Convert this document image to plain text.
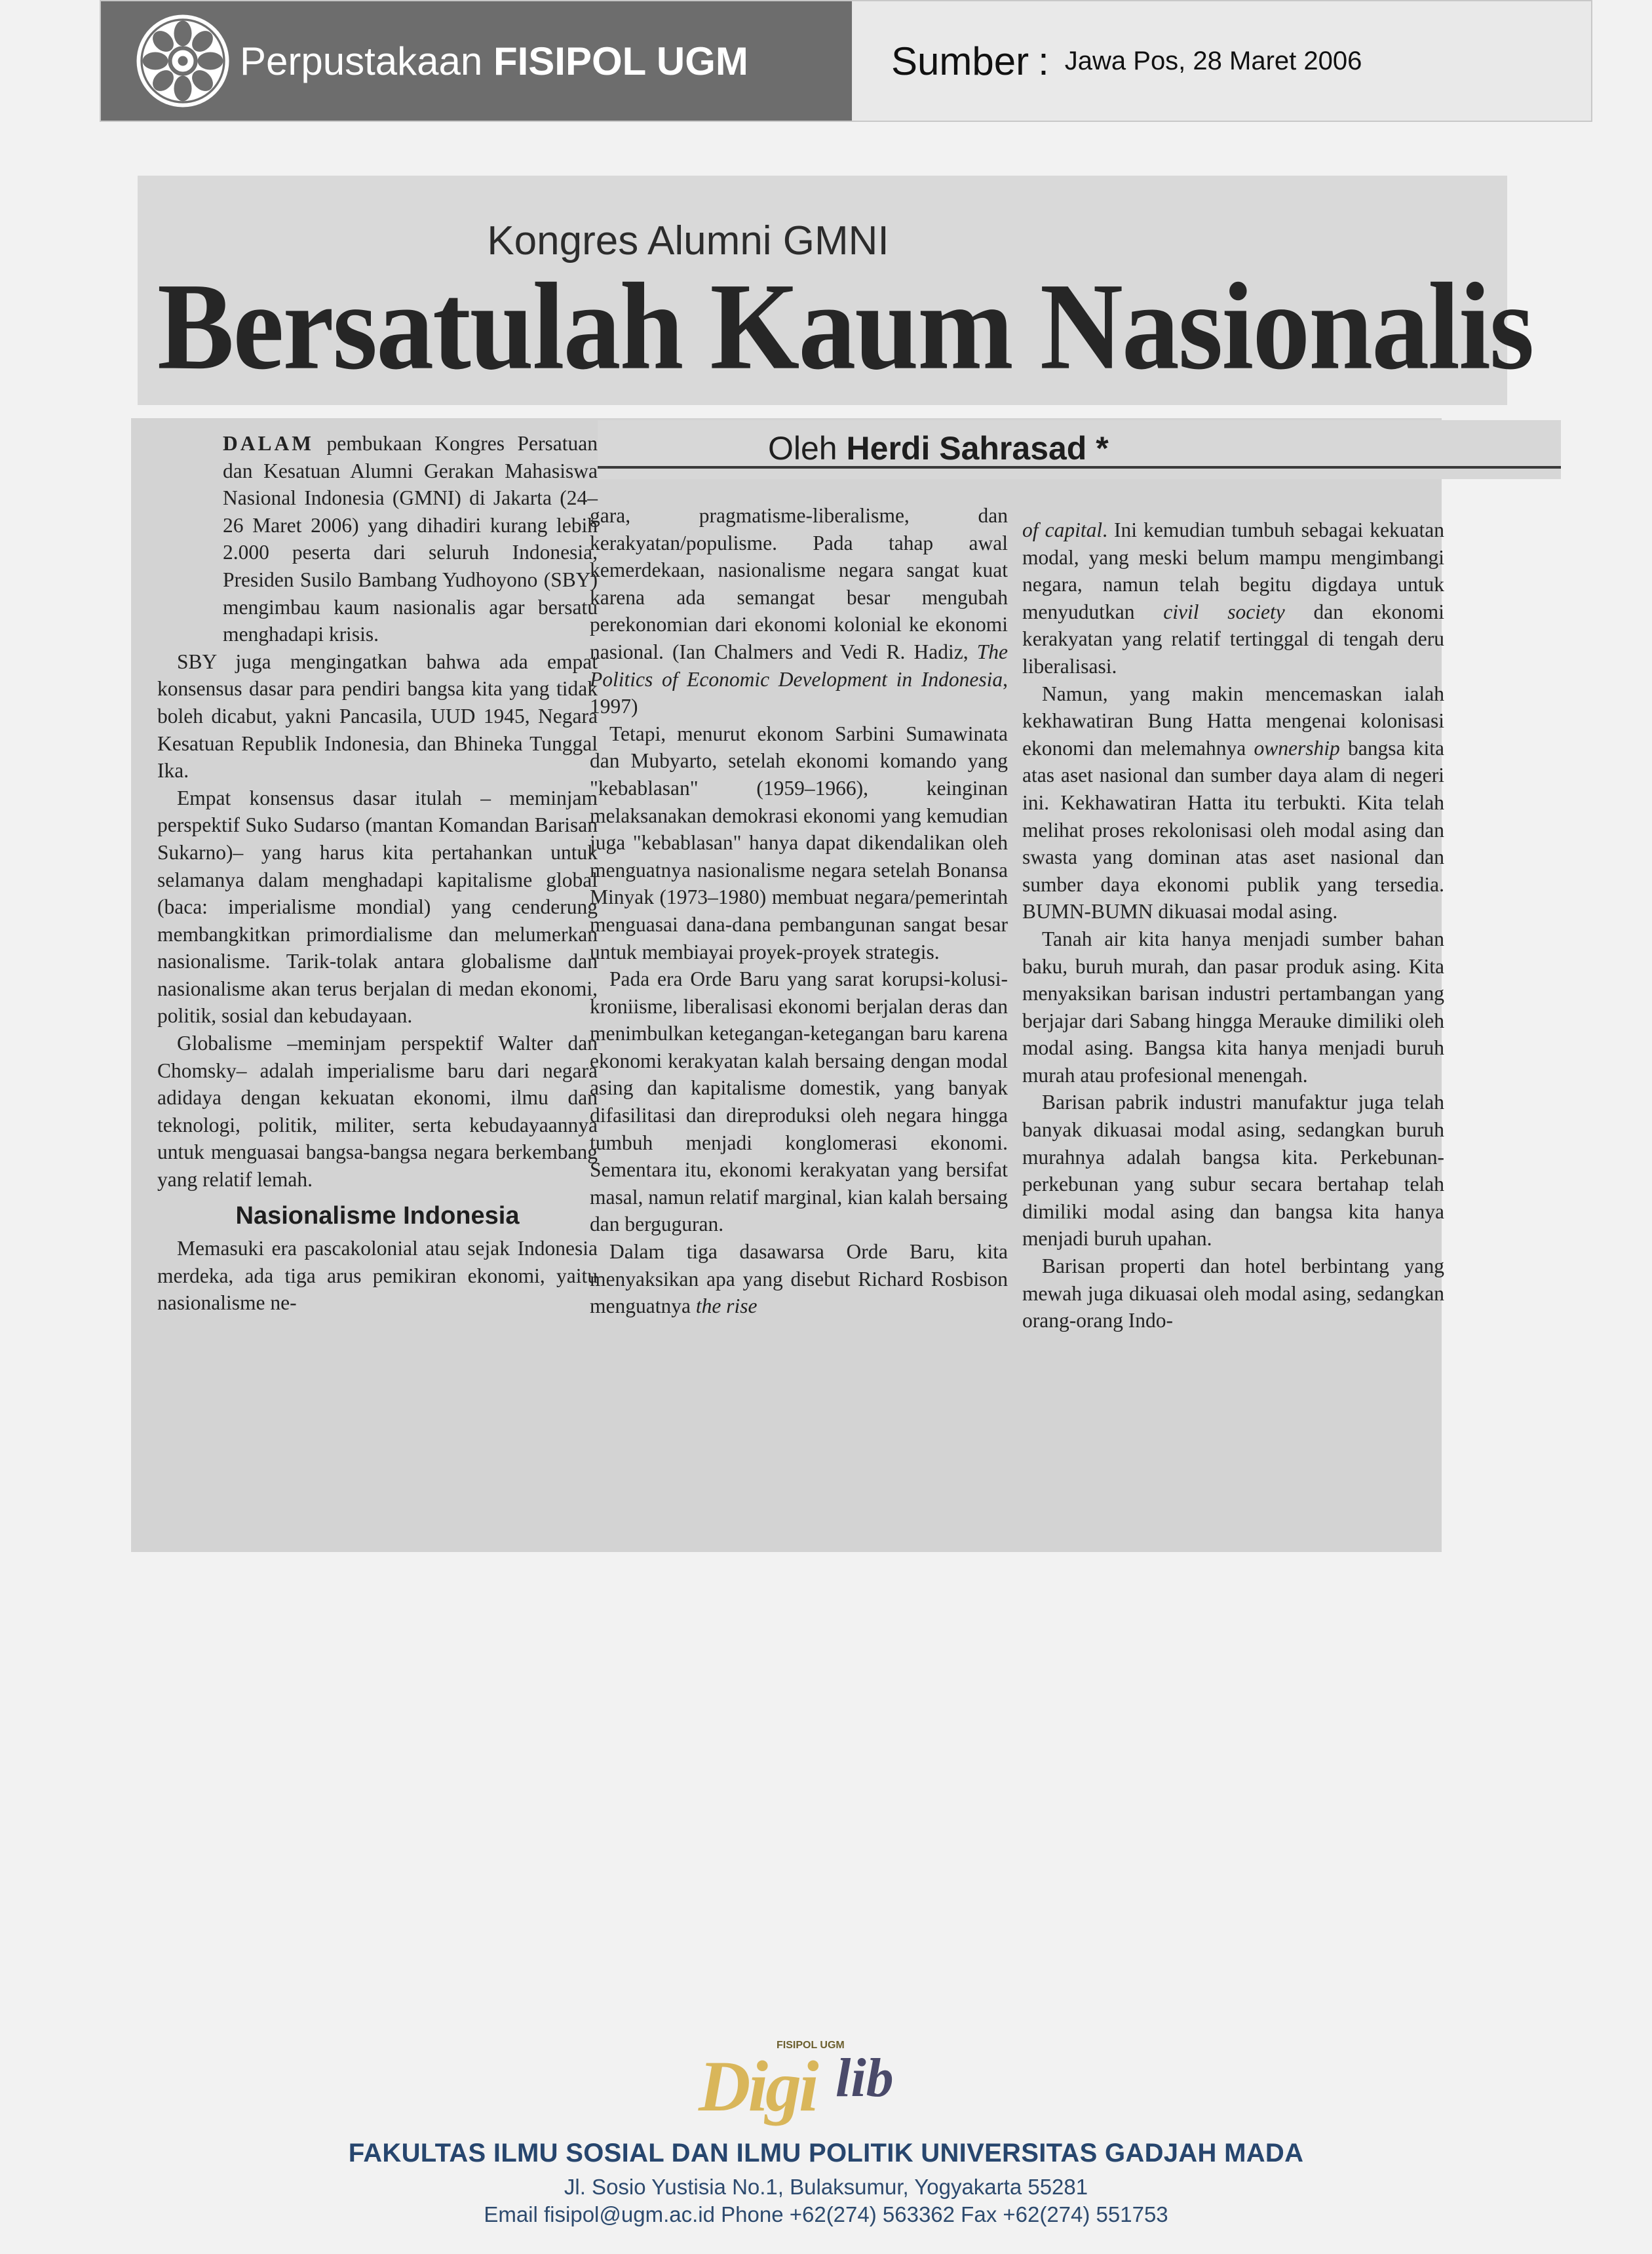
Perpustakaan FISIPOL UGM	Sumber : Jawa Pos, 28 Maret 2006
Kongres Alumni GMNI
Bersatulah Kaum Nasionalis
Oleh Herdi Sahrasad *

DALAM pembukaan Kongres Persatuan dan Kesatuan Alumni Gerakan Mahasiswa Nasional Indonesia (GMNI) di Jakarta (24–26 Maret 2006) yang dihadiri kurang lebih 2.000 peserta dari seluruh Indonesia, Presiden Susilo Bambang Yudhoyono (SBY) mengimbau kaum nasionalis agar bersatu menghadapi krisis.

SBY juga mengingatkan bahwa ada empat konsensus dasar para pendiri bangsa kita yang tidak boleh dicabut, yakni Pancasila, UUD 1945, Negara Kesatuan Republik Indonesia, dan Bhineka Tunggal Ika.

Empat konsensus dasar itulah – meminjam perspektif Suko Sudarso (mantan Komandan Barisan Sukarno)– yang harus kita pertahankan untuk selamanya dalam menghadapi kapitalisme global (baca: imperialisme mondial) yang cenderung membangkitkan primordialisme dan melumerkan nasionalisme. Tarik-tolak antara globalisme dan nasionalisme akan terus berjalan di medan ekonomi, politik, sosial dan kebudayaan.

Globalisme –meminjam perspektif Walter dan Chomsky– adalah imperialisme baru dari negara adidaya dengan kekuatan ekonomi, ilmu dan teknologi, politik, militer, serta kebudayaannya untuk menguasai bangsa-bangsa negara berkembang yang relatif lemah.

Nasionalisme Indonesia

Memasuki era pascakolonial atau sejak Indonesia merdeka, ada tiga arus pemikiran ekonomi, yaitu nasionalisme ne-

gara, pragmatisme-liberalisme, dan kerakyatan/populisme. Pada tahap awal kemerdekaan, nasionalisme negara sangat kuat karena ada semangat besar mengubah perekonomian dari ekonomi kolonial ke ekonomi nasional. (Ian Chalmers and Vedi R. Hadiz, The Politics of Economic Development in Indonesia, 1997)

Tetapi, menurut ekonom Sarbini Sumawinata dan Mubyarto, setelah ekonomi komando yang "kebablasan" (1959–1966), keinginan melaksanakan demokrasi ekonomi yang kemudian juga "kebablasan" hanya dapat dikendalikan oleh menguatnya nasionalisme negara setelah Bonansa Minyak (1973–1980) membuat negara/pemerintah menguasai dana-dana pembangunan sangat besar untuk membiayai proyek-proyek strategis.

Pada era Orde Baru yang sarat korupsi-kolusi-kroniisme, liberalisasi ekonomi berjalan deras dan menimbulkan ketegangan-ketegangan baru karena ekonomi kerakyatan kalah bersaing dengan modal asing dan kapitalisme domestik, yang banyak difasilitasi dan direproduksi oleh negara hingga tumbuh menjadi konglomerasi ekonomi. Sementara itu, ekonomi kerakyatan yang bersifat masal, namun relatif marginal, kian kalah bersaing dan berguguran.

Dalam tiga dasawarsa Orde Baru, kita menyaksikan apa yang disebut Richard Rosbison menguatnya the rise

of capital. Ini kemudian tumbuh sebagai kekuatan modal, yang meski belum mampu mengimbangi negara, namun telah begitu digdaya untuk menyudutkan civil society dan ekonomi kerakyatan yang relatif tertinggal di tengah deru liberalisasi.

Namun, yang makin mencemaskan ialah kekhawatiran Bung Hatta mengenai kolonisasi ekonomi dan melemahnya ownership bangsa kita atas aset nasional dan sumber daya alam di negeri ini. Kekhawatiran Hatta itu terbukti. Kita telah melihat proses rekolonisasi oleh modal asing dan swasta yang dominan atas aset nasional dan sumber daya ekonomi publik yang tersedia. BUMN-BUMN dikuasai modal asing.

Tanah air kita hanya menjadi sumber bahan baku, buruh murah, dan pasar produk asing. Kita menyaksikan barisan industri pertambangan yang berjajar dari Sabang hingga Merauke dimiliki oleh modal asing. Bangsa kita hanya menjadi buruh murah atau profesional menengah.

Barisan pabrik industri manufaktur juga telah banyak dikuasai modal asing, sedangkan buruh murahnya adalah bangsa kita. Perkebunan-perkebunan yang subur secara bertahap telah dimiliki modal asing dan bangsa kita hanya menjadi buruh upahan.

Barisan properti dan hotel berbintang yang mewah juga dikuasai oleh modal asing, sedangkan orang-orang Indo-

FISIPOL UGM
Digi lib
FAKULTAS ILMU SOSIAL DAN ILMU POLITIK UNIVERSITAS GADJAH MADA
Jl. Sosio Yustisia No.1, Bulaksumur, Yogyakarta 55281
Email fisipol@ugm.ac.id Phone +62(274) 563362 Fax +62(274) 551753
